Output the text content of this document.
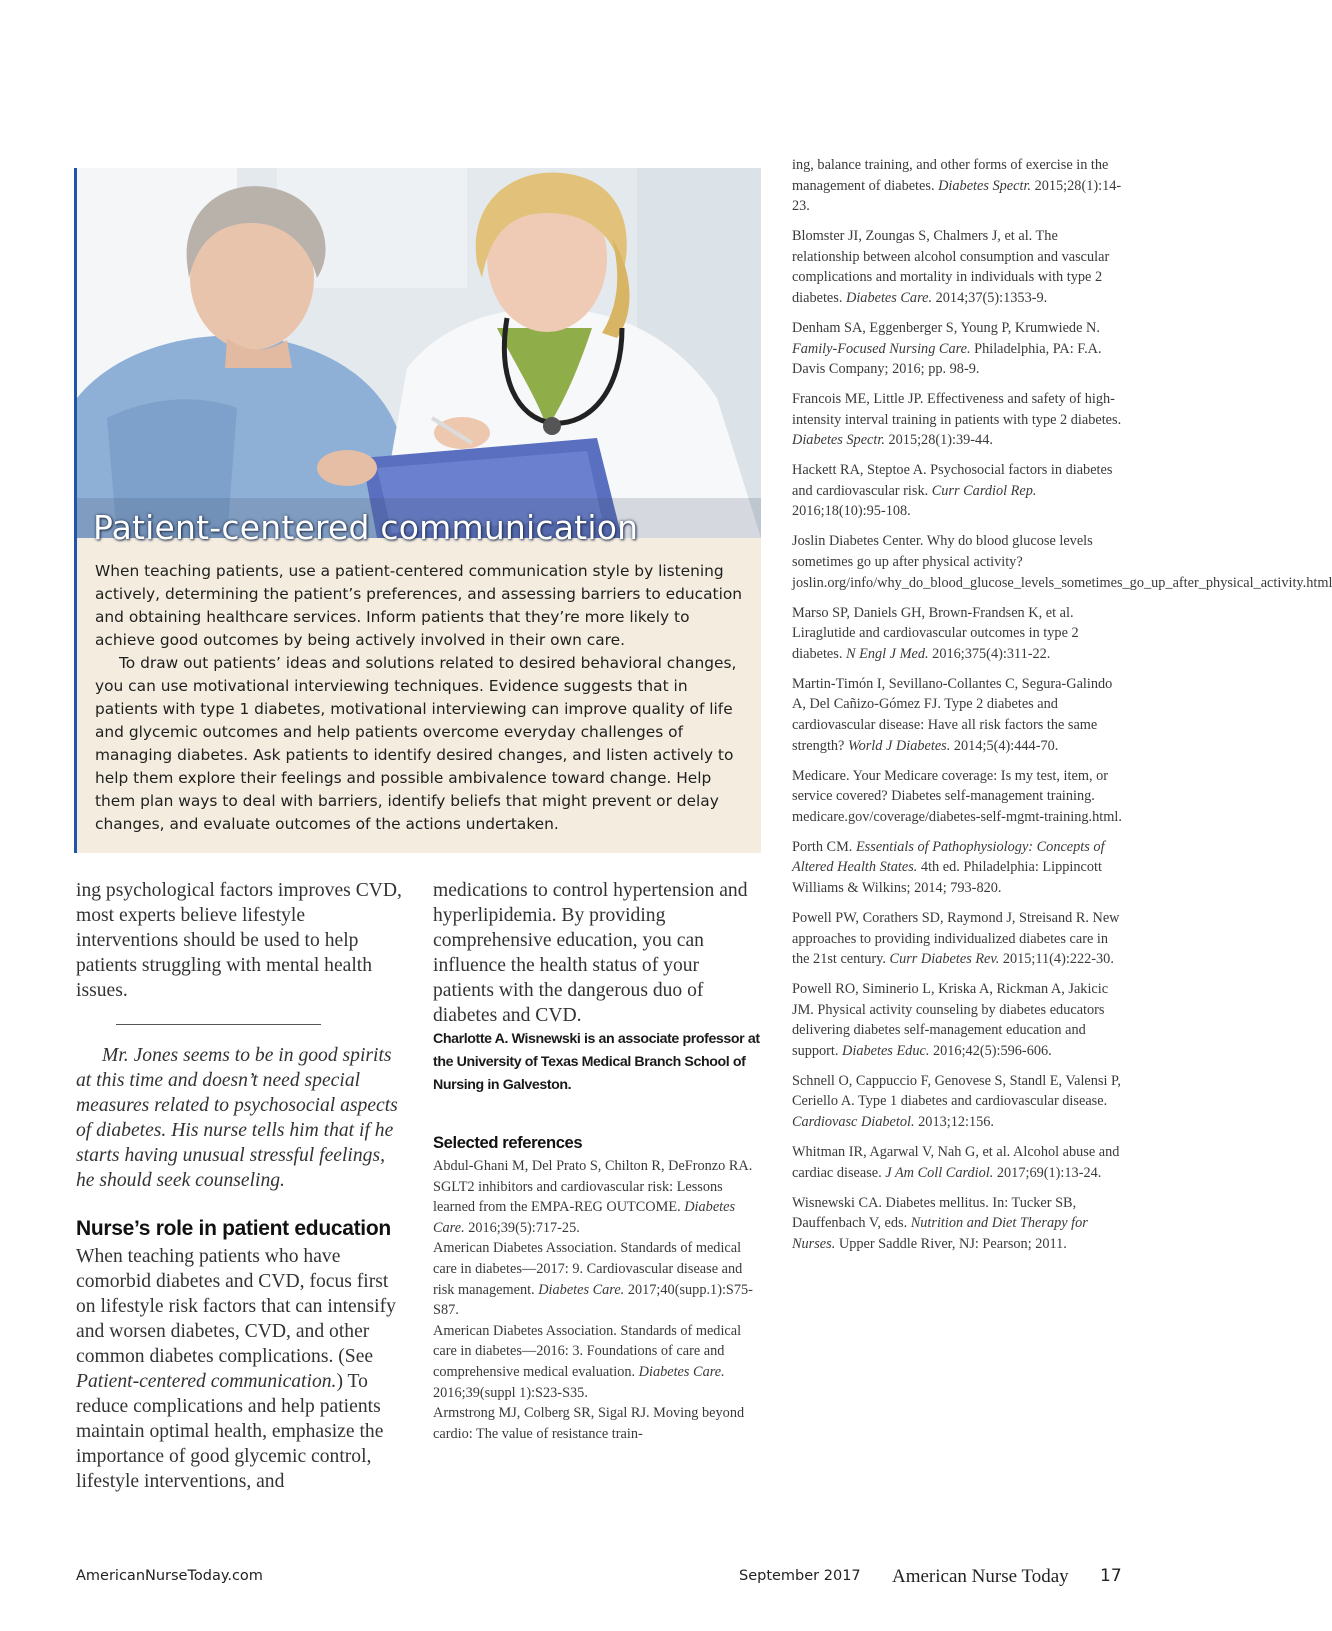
Patient-centered communication

When teaching patients, use a patient-centered communication style by listening actively, determining the patient’s preferences, and assessing barriers to education and obtaining healthcare services. Inform patients that they’re more likely to achieve good outcomes by being actively involved in their own care.

To draw out patients’ ideas and solutions related to desired behavioral changes, you can use motivational interviewing techniques. Evidence suggests that in patients with type 1 diabetes, motivational interviewing can improve quality of life and glycemic outcomes and help patients overcome everyday challenges of managing diabetes. Ask patients to identify desired changes, and listen actively to help them explore their feelings and possible ambivalence toward change. Help them plan ways to deal with barriers, identify beliefs that might prevent or delay changes, and evaluate outcomes of the actions undertaken.

ing psychological factors improves CVD, most experts believe lifestyle interventions should be used to help patients struggling with mental health issues.

Mr. Jones seems to be in good spirits at this time and doesn’t need special measures related to psychosocial aspects of diabetes. His nurse tells him that if he starts having unusual stressful feelings, he should seek counseling.

Nurse’s role in patient education

When teaching patients who have comorbid diabetes and CVD, focus first on lifestyle risk factors that can intensify and worsen diabetes, CVD, and other common diabetes complications. (See Patient-centered communication.) To reduce complications and help patients maintain optimal health, emphasize the importance of good glycemic control, lifestyle interventions, and

medications to control hypertension and hyperlipidemia. By providing comprehensive education, you can influence the health status of your patients with the dangerous duo of diabetes and CVD.

Charlotte A. Wisnewski is an associate professor at the University of Texas Medical Branch School of Nursing in Galveston.

Selected references

Abdul-Ghani M, Del Prato S, Chilton R, DeFronzo RA. SGLT2 inhibitors and cardiovascular risk: Lessons learned from the EMPA-REG OUTCOME. Diabetes Care. 2016;39(5):717-25.

American Diabetes Association. Standards of medical care in diabetes—2017: 9. Cardiovascular disease and risk management. Diabetes Care. 2017;40(supp.1):S75-S87.

American Diabetes Association. Standards of medical care in diabetes—2016: 3. Foundations of care and comprehensive medical evaluation. Diabetes Care. 2016;39(suppl 1):S23-S35.

Armstrong MJ, Colberg SR, Sigal RJ. Moving beyond cardio: The value of resistance train-

ing, balance training, and other forms of exercise in the management of diabetes. Diabetes Spectr. 2015;28(1):14-23.

Blomster JI, Zoungas S, Chalmers J, et al. The relationship between alcohol consumption and vascular complications and mortality in individuals with type 2 diabetes. Diabetes Care. 2014;37(5):1353-9.

Denham SA, Eggenberger S, Young P, Krumwiede N. Family-Focused Nursing Care. Philadelphia, PA: F.A. Davis Company; 2016; pp. 98-9.

Francois ME, Little JP. Effectiveness and safety of high-intensity interval training in patients with type 2 diabetes. Diabetes Spectr. 2015;28(1):39-44.

Hackett RA, Steptoe A. Psychosocial factors in diabetes and cardiovascular risk. Curr Cardiol Rep. 2016;18(10):95-108.

Joslin Diabetes Center. Why do blood glucose levels sometimes go up after physical activity? joslin.org/info/why_do_blood_glucose_levels_sometimes_go_up_after_physical_activity.html

Marso SP, Daniels GH, Brown-Frandsen K, et al. Liraglutide and cardiovascular outcomes in type 2 diabetes. N Engl J Med. 2016;375(4):311-22.

Martin-Timón I, Sevillano-Collantes C, Segura-Galindo A, Del Cañizo-Gómez FJ. Type 2 diabetes and cardiovascular disease: Have all risk factors the same strength? World J Diabetes. 2014;5(4):444-70.

Medicare. Your Medicare coverage: Is my test, item, or service covered? Diabetes self-management training. medicare.gov/coverage/diabetes-self-mgmt-training.html.

Porth CM. Essentials of Pathophysiology: Concepts of Altered Health States. 4th ed. Philadelphia: Lippincott Williams & Wilkins; 2014; 793-820.

Powell PW, Corathers SD, Raymond J, Streisand R. New approaches to providing individualized diabetes care in the 21st century. Curr Diabetes Rev. 2015;11(4):222-30.

Powell RO, Siminerio L, Kriska A, Rickman A, Jakicic JM. Physical activity counseling by diabetes educators delivering diabetes self-management education and support. Diabetes Educ. 2016;42(5):596-606.

Schnell O, Cappuccio F, Genovese S, Standl E, Valensi P, Ceriello A. Type 1 diabetes and cardiovascular disease. Cardiovasc Diabetol. 2013;12:156.

Whitman IR, Agarwal V, Nah G, et al. Alcohol abuse and cardiac disease. J Am Coll Cardiol. 2017;69(1):13-24.

Wisnewski CA. Diabetes mellitus. In: Tucker SB, Dauffenbach V, eds. Nutrition and Diet Therapy for Nurses. Upper Saddle River, NJ: Pearson; 2011.

AmericanNurseToday.com	September 2017 American Nurse Today 17
